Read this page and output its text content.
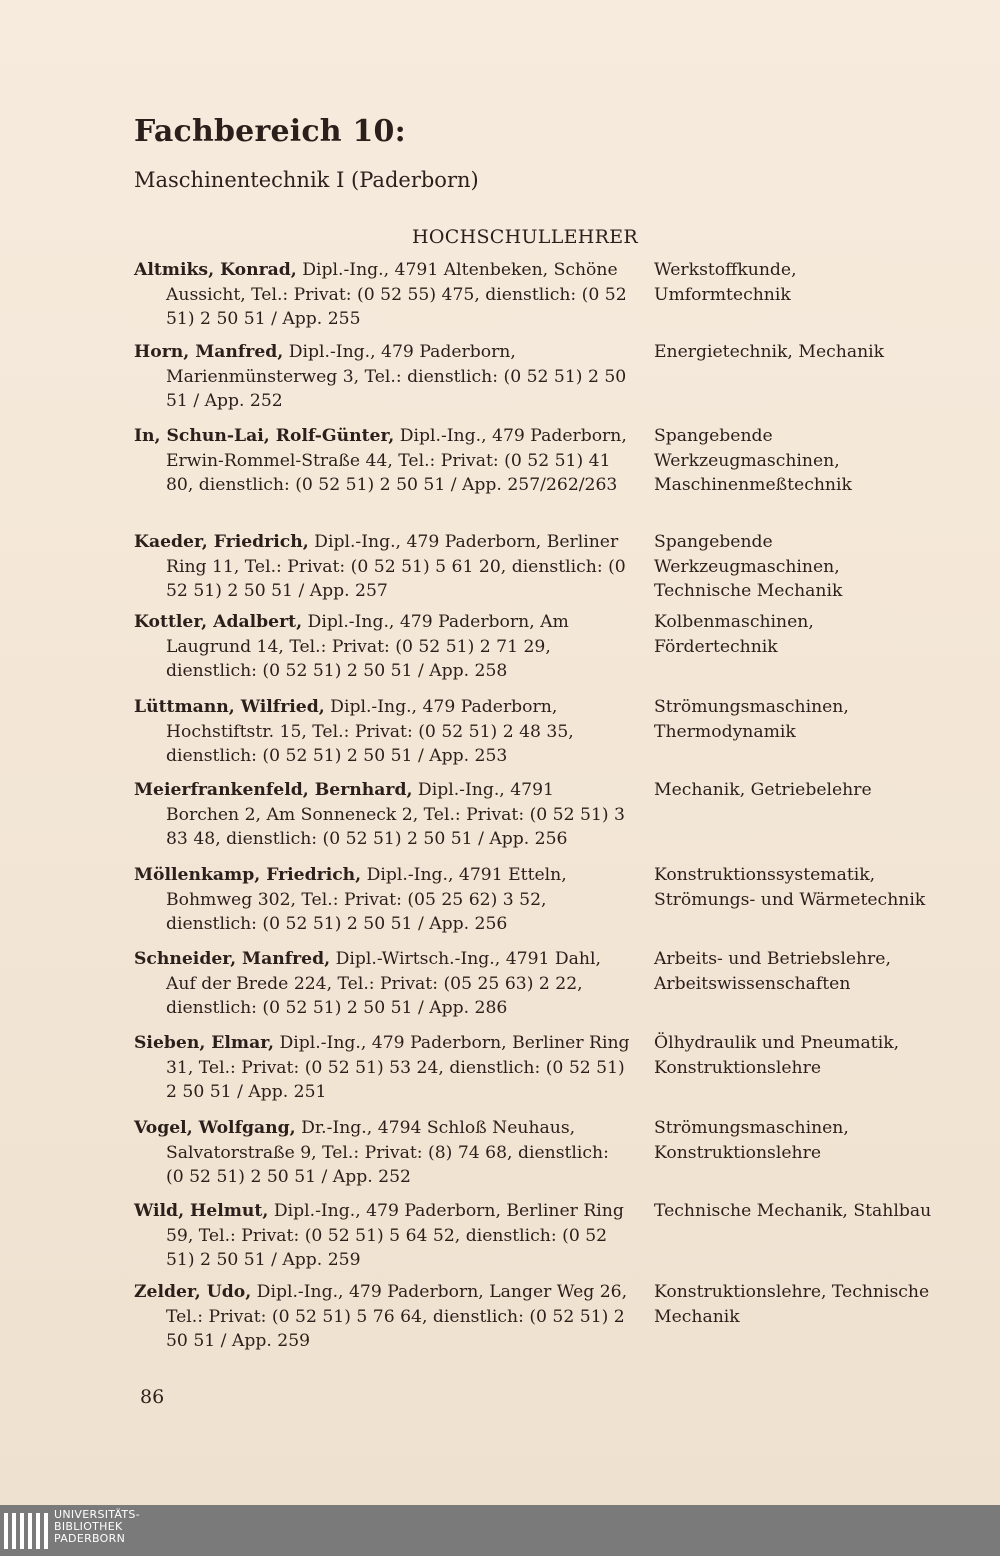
Fachbereich 10:
Maschinentechnik I (Paderborn)
HOCHSCHULLEHRER
Altmiks, Konrad, Dipl.-Ing., 4791 Altenbeken, Schöne Aussicht, Tel.: Privat: (0 52 55) 475, dienstlich: (0 52 51) 2 50 51 / App. 255
Werkstoffkunde, Umformtechnik
Horn, Manfred, Dipl.-Ing., 479 Paderborn, Marienmünsterweg 3, Tel.: dienstlich: (0 52 51) 2 50 51 / App. 252
Energietechnik, Mechanik
In, Schun-Lai, Rolf-Günter, Dipl.-Ing., 479 Paderborn, Erwin-Rommel-Straße 44, Tel.: Privat: (0 52 51) 41 80, dienstlich: (0 52 51) 2 50 51 / App. 257/262/263
Spangebende Werkzeugmaschinen, Maschinenmeßtechnik
Kaeder, Friedrich, Dipl.-Ing., 479 Paderborn, Berliner Ring 11, Tel.: Privat: (0 52 51) 5 61 20, dienstlich: (0 52 51) 2 50 51 / App. 257
Spangebende Werkzeugmaschinen, Technische Mechanik
Kottler, Adalbert, Dipl.-Ing., 479 Paderborn, Am Laugrund 14, Tel.: Privat: (0 52 51) 2 71 29, dienstlich: (0 52 51) 2 50 51 / App. 258
Kolbenmaschinen, Fördertechnik
Lüttmann, Wilfried, Dipl.-Ing., 479 Paderborn, Hochstiftstr. 15, Tel.: Privat: (0 52 51) 2 48 35, dienstlich: (0 52 51) 2 50 51 / App. 253
Strömungsmaschinen, Thermodynamik
Meierfrankenfeld, Bernhard, Dipl.-Ing., 4791 Borchen 2, Am Sonneneck 2, Tel.: Privat: (0 52 51) 3 83 48, dienstlich: (0 52 51) 2 50 51 / App. 256
Mechanik, Getriebelehre
Möllenkamp, Friedrich, Dipl.-Ing., 4791 Etteln, Bohmweg 302, Tel.: Privat: (05 25 62) 3 52, dienstlich: (0 52 51) 2 50 51 / App. 256
Konstruktionssystematik, Strömungs- und Wärmetechnik
Schneider, Manfred, Dipl.-Wirtsch.-Ing., 4791 Dahl, Auf der Brede 224, Tel.: Privat: (05 25 63) 2 22, dienstlich: (0 52 51) 2 50 51 / App. 286
Arbeits- und Betriebslehre, Arbeitswissenschaften
Sieben, Elmar, Dipl.-Ing., 479 Paderborn, Berliner Ring 31, Tel.: Privat: (0 52 51) 53 24, dienstlich: (0 52 51) 2 50 51 / App. 251
Ölhydraulik und Pneumatik, Konstruktionslehre
Vogel, Wolfgang, Dr.-Ing., 4794 Schloß Neuhaus, Salvatorstraße 9, Tel.: Privat: (8) 74 68, dienstlich: (0 52 51) 2 50 51 / App. 252
Strömungsmaschinen, Konstruktionslehre
Wild, Helmut, Dipl.-Ing., 479 Paderborn, Berliner Ring 59, Tel.: Privat: (0 52 51) 5 64 52, dienstlich: (0 52 51) 2 50 51 / App. 259
Technische Mechanik, Stahlbau
Zelder, Udo, Dipl.-Ing., 479 Paderborn, Langer Weg 26, Tel.: Privat: (0 52 51) 5 76 64, dienstlich: (0 52 51) 2 50 51 / App. 259
Konstruktionslehre, Technische Mechanik
86
UNIVERSITÄTS-
BIBLIOTHEK
PADERBORN
